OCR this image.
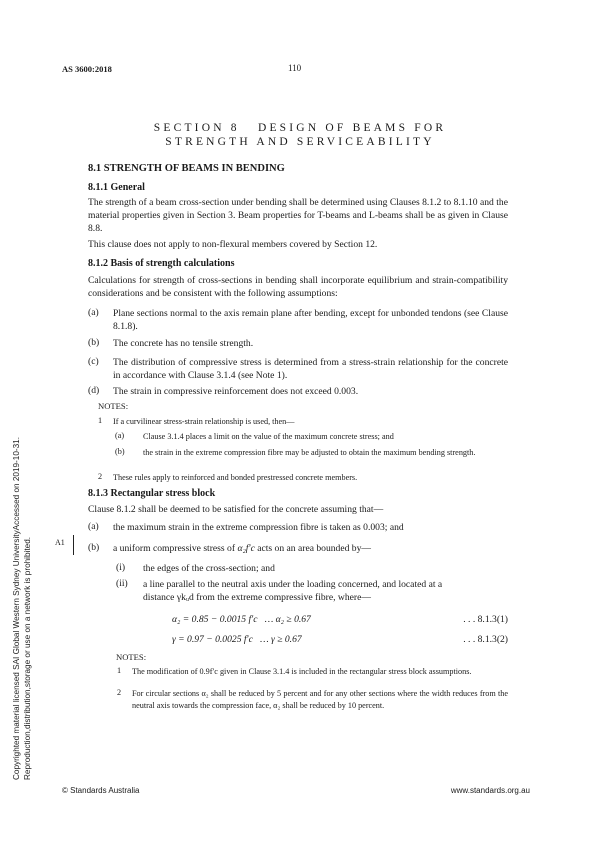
AS 3600:2018	110
SECTION 8   DESIGN OF BEAMS FOR
STRENGTH AND SERVICEABILITY
8.1 STRENGTH OF BEAMS IN BENDING
8.1.1 General
The strength of a beam cross-section under bending shall be determined using Clauses 8.1.2 to 8.1.10 and the material properties given in Section 3. Beam properties for T-beams and L-beams shall be as given in Clause 8.8.
This clause does not apply to non-flexural members covered by Section 12.
8.1.2 Basis of strength calculations
Calculations for strength of cross-sections in bending shall incorporate equilibrium and strain-compatibility considerations and be consistent with the following assumptions:
(a) Plane sections normal to the axis remain plane after bending, except for unbonded tendons (see Clause 8.1.8).
(b) The concrete has no tensile strength.
(c) The distribution of compressive stress is determined from a stress-strain relationship for the concrete in accordance with Clause 3.1.4 (see Note 1).
(d) The strain in compressive reinforcement does not exceed 0.003.
NOTES:
1 If a curvilinear stress-strain relationship is used, then—
(a) Clause 3.1.4 places a limit on the value of the maximum concrete stress; and
(b) the strain in the extreme compression fibre may be adjusted to obtain the maximum bending strength.
2 These rules apply to reinforced and bonded prestressed concrete members.
8.1.3 Rectangular stress block
Clause 8.1.2 shall be deemed to be satisfied for the concrete assuming that—
(a) the maximum strain in the extreme compression fibre is taken as 0.003; and
A1 (b) a uniform compressive stress of α₂f′c acts on an area bounded by—
(i) the edges of the cross-section; and
(ii) a line parallel to the neutral axis under the loading concerned, and located at a
distance γkᵤd from the extreme compressive fibre, where—
α₂ = 0.85 − 0.0015 f′c   … α₂ ≥ 0.67	. . . 8.1.3(1)
γ = 0.97 − 0.0025 f′c   … γ ≥ 0.67	. . . 8.1.3(2)
NOTES:
1 The modification of 0.9f′c given in Clause 3.1.4 is included in the rectangular stress block assumptions.
2 For circular sections α₂ shall be reduced by 5 percent and for any other sections where the width reduces from the neutral axis towards the compression face, α₂ shall be reduced by 10 percent.
Copyrighted material licensed SAI Global Western Sydney UniversityAccessed on 2019-10-31. Reproduction,distribution,storage or use on a network is prohibited.
© Standards Australia	www.standards.org.au
